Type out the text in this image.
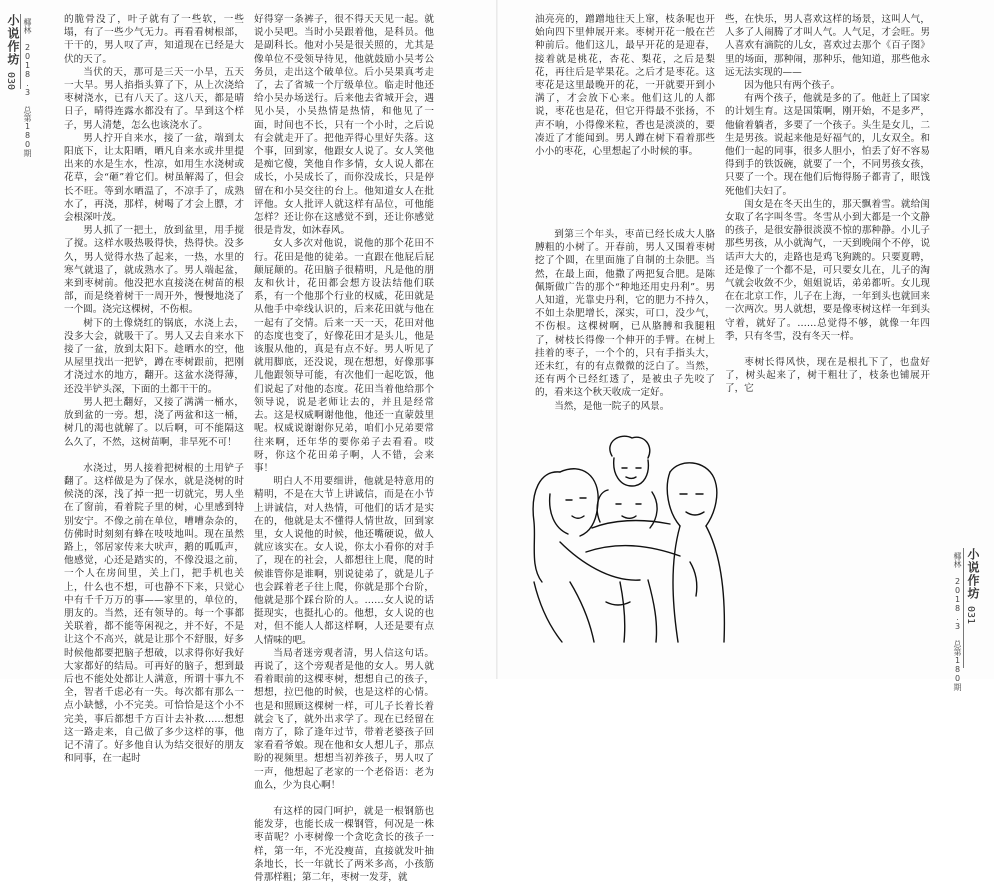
小说作坊
030 椰林 2018.3 总第180期	的脆骨没了，叶子就有了一些软，一些塌，有了一些少气无力。再看看树根部，干干的，男人叹了声，知道现在已经是大伏的天了。

当伏的天，那可是三天一小旱，五天一大旱。男人掐指头算了下，从上次浇给枣树浇水，已有八天了。这八天，都是晴日子，晴得连露水都没有了。旱到这个样子，男人清楚，怎么也该浇水了。

男人拧开自来水，接了一盆，端到太阳底下，让太阳晒，晒凡自来水或井里提出来的水是生水，性凉，如用生水浇树或花草，会“砸”着它们。树虽解渴了，但会长不旺。等到水晒温了，不凉手了，成熟水了，再浇，那样，树喝了才会上膘，才会根深叶茂。

男人抓了一把土，放到盆里，用手搅了搅。这样水吸热吸得快，热得快。没多久，男人觉得水热了起来，一热，水里的寒气就退了，就成熟水了。男人端起盆，来到枣树前。他没把水直接浇在树苗的根部，而是绕着树干一周开外，慢慢地浇了一个圆。浇完这棵树，不伤根。

树下的土像烧红的锅底，水浇上去，没多大会，就吸干了。男人又去自来水下接了一盆，放到太阳下。趁晒水的空，他从屋里找出一把铲，蹲在枣树跟前，把刚才浇过水的地方，翻开。这盆水浇得薄，还没半铲头深，下面的土都干干的。

男人把土翻好，又接了满满一桶水，放到盆的一旁。想，浇了两盆和这一桶，树几的渴也就解了。以后啊，可不能隔这么久了，不然，这树苗啊，非旱死不可！

水浇过，男人接着把树根的土用铲子翻了。这样做是为了保水，就是浇树的时候浇的深，浅了掉一把一切就完，男人坐在了窗前，看着院子里的树，心里感到特别安宁。不像之前在单位，嘈嘈杂杂的，仿佛时时刻刻有蜂在吱吱地叫。现在虽然路上，邻居家传来大吠声，鹅的呱呱声，他感觉，心还是踏实的，不像没退之前，一个人在房间里，关上门，把手机也关上，什么也不想，可也静不下来，只觉心中有千千万万的事——家里的，单位的，朋友的。当然，还有领导的。每一个事都关联着，都不能等闲视之，并不好，不是让这个不高兴，就是让那个不舒服，好多时候他都要把脑子想破，以求得你好我好大家都好的结局。可再好的脑子，想到最后也不能处处都让人满意，所谓十事九不全，智者千虑必有一失。每次都有那么一点小缺憾，小不完美。可恰恰是这个小不完美，事后都想千方百计去补救……想想这一路走来，自己做了多少这样的事，他记不清了。好多他自认为结交很好的朋友和同事，在一起时

好得穿一条裤子，很不得天天见一起。就说小吴吧。当时小吴跟着他，是科员。他是副科长。他对小吴是很关照的，尤其是像单位不受领导待见，他就鼓励小吴考公务员，走出这个破单位。后小吴果真考走了，去了省城一个厅级单位。临走时他还给小吴办场送行。后来他去省城开会，遇见小吴，小吴热情是热情，和他见了一面，时间也不长，只有一个小时，之后说有会就走开了。把他弄得心里好失落。这个事，回到家，他跟女人说了。女人笑他是痴它傻，笑他自作多情，女人说人都在成长，小吴成长了，而你没成长，只是停留在和小吴交往的台上。他知道女人在批评他。女人批评人就这样有品位，可他能怎样？还让你在这感觉不到，还让你感觉很是肯发，如沐春风。

女人多次对他说，说他的那个花田不行。花田是他的徒弟。一直跟在他屁后屁颠屁颠的。花田脑子很精明，凡是他的朋友和伙计，花田都会想方设法结他们联系，有一个他那个行业的权威，花田就是从他手中牵线认识的，后来花田就与他在一起有了交情。后来一天一天，花田对他的态度也变了，好像花田才是头儿，他是该服从他的，真是有点不好。男人听见了就用脚底，还没说，现在想想，好像那事儿他跟领导可能，有次他们一起吃饭，他们说起了对他的态度。花田当着他给那个领导说，说是老师让去的，并且是经常去。这是权威啊谢他他，他还一直蒙鼓里呢。权威说谢谢你兄弟，咱们小兄弟要常往来啊，还年华的要你弟子去看看。哎呀，你这个花田弟子啊，人不错，会来事！

明白人不用要细讲，他就是特意用的精明，不是在大节上讲诚信，而是在小节上讲诚信，对人热情，可他们的话才是实在的，他就是太不懂得人情世故，回到家里，女人说他的时候，他还嘴硬说，做人就应该实在。女人说，你太小看你的对手了，现在的社会，人都想往上爬，爬的时候谁管你是谁啊，别说徒弟了，就是儿子也会踩着老子往上爬，你就是那个台阶，他就是那个踩台阶的人。……女人说的话挺现实，也挺扎心的。他想，女人说的也对，但不能人人都这样啊，人还是要有点人情味的吧。

当局者迷旁观者清，男人信这句话。再说了，这个旁观者是他的女人。男人就看着眼前的这棵枣树，想想自己的孩子，想想，拉巴他的时候，也是这样的心情。也是和照顾这棵树一样，可儿子长着长着就会飞了，就外出求学了。现在已经留在南方了，除了逢年过节，带着老婆孩子回家看看爷娘。现在他和女人想儿子，那点盼的视频里。想想当初养孩子，男人叹了一声，他想起了老家的一个老俗语：老为血么，少为良心啊！

有这样的园门呵护，就是一根钢筋也能发芽，也能长成一棵钢管，何况是一株枣苗呢？小枣树像一个贪吃贪长的孩子一样，第一年，不光没瘦苗，直接就发叶抽条地长，长一年就长了两米多高，小孩筋骨那样粗；第二年，枣树一发芽，就

油亮亮的，蹭蹭地往天上窜，枝条呢也开始向四下里伸展开来。枣树开花一般在芒种前后。他们这儿，最早开花的是迎春，接着就是桃花，杏花、梨花，之后是梨花，再往后是苹果花。之后才是枣花。这枣花是这里最晚开的花，一开就要开到小满了，才会放下心来。他们这儿的人都说，枣花也是花，但它开得最不张扬，不声不响，小得像米粒，香也是淡淡的，要凑近了才能闻到。男人蹲在树下看着那些小小的枣花，心里想起了小时候的事。

到第三个年头，枣苗已经长成大人胳膊粗的小树了。开春前，男人又围着枣树挖了个圆，在里面施了自制的土杂肥。当然，在最上面，他撒了两把复合肥。是陈佩斯做广告的那个“种地还用史丹利”。男人知道，光靠史丹利，它的肥力不持久，不如土杂肥增长，深实，可口，没少气，不伤根。这棵树啊，已从胳膊和我腿粗了，树枝长得像一个伸开的手臂。在树上挂着的枣子，一个个的，只有手指头大，还未红，有的有点微微的泛白了。当然，还有两个已经红透了，是被虫子先咬了的，看来这个秋天收成一定好。

当然，是他一院子的风景。

些，在快乐，男人喜欢这样的场景，这叫人气，人多了人闹腾了才叫人气。人气足，才会旺。男人喜欢有滴院的儿女，喜欢过去那个《百子图》里的场面，那种闹，那种乐，他知道，那些他永远无法实现的——

因为他只有两个孩子。

有两个孩子，他就是多的了。他赶上了国家的计划生育。这是国策啊，刚开始，不是多严，他偷着躺者，多要了一个孩子。头生是女儿，二生是男孩。说起来他是好福气的，儿女双全。和他们一起的同事，很多人胆小，怕丢了好不容易得到手的铁饭碗，就要了一个，不同男孩女孩，只要了一个。现在他们后悔得肠子都青了，眼饯死他们夫妇了。

闺女是在冬天出生的，那天飘着雪。就给闺女取了名字叫冬雪。冬雪从小到大都是一个文静的孩子，是很安静很淡漠不惊的那种静。小儿子那些男孩，从小就淘气，一天到晚闹个不停，说话声大大的，走路也是鸡飞狗跳的。只要夏聘，还是像了一个都不是，可只要女儿在，儿子的淘气就会收敛不少，姐姐说话，弟弟都听。女儿现在在北京工作，儿子在上海，一年到头也就回来一次两次。男人就想，要是像枣树这样一年到头守着，就好了。……总觉得不够，就像一年四季，只有冬雪，没有冬天一样。

枣树长得风快，现在是根扎下了，也盘好了，树头起来了，树干粗壮了，枝条也铺展开了，它

小说作坊
031
椰林 2018.3 总第180期
